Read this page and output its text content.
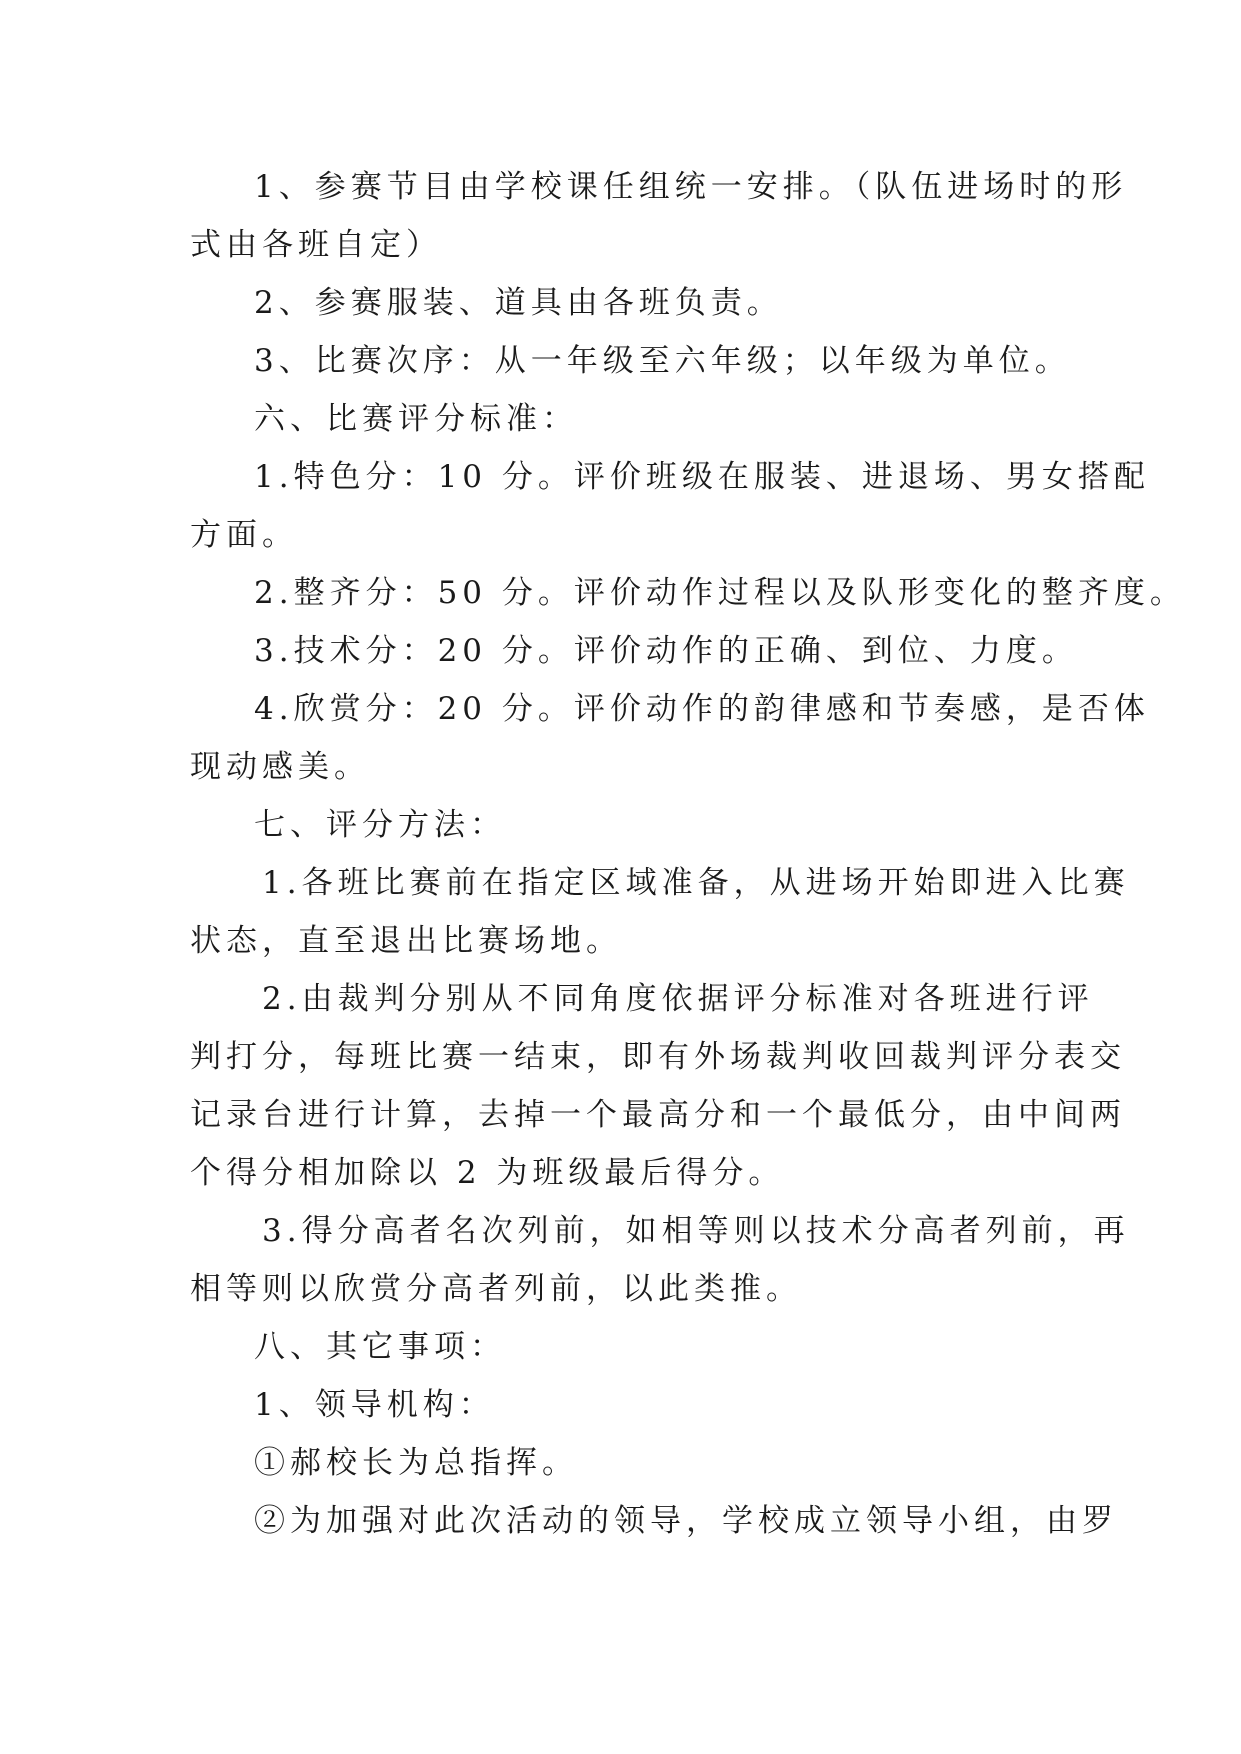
1、参赛节目由学校课任组统一安排。（队伍进场时的形
式由各班自定）
2、参赛服装、道具由各班负责。
3、比赛次序：从一年级至六年级；以年级为单位。
六、比赛评分标准：
1.特色分：10 分。评价班级在服装、进退场、男女搭配
方面。
2.整齐分：50 分。评价动作过程以及队形变化的整齐度。
3.技术分：20 分。评价动作的正确、到位、力度。
4.欣赏分：20 分。评价动作的韵律感和节奏感，是否体
现动感美。
七、评分方法：
1.各班比赛前在指定区域准备，从进场开始即进入比赛
状态，直至退出比赛场地。
2.由裁判分别从不同角度依据评分标准对各班进行评
判打分，每班比赛一结束，即有外场裁判收回裁判评分表交
记录台进行计算，去掉一个最高分和一个最低分，由中间两
个得分相加除以 2 为班级最后得分。
3.得分高者名次列前，如相等则以技术分高者列前，再
相等则以欣赏分高者列前，以此类推。
八、其它事项：
1、领导机构：
①郝校长为总指挥。
②为加强对此次活动的领导，学校成立领导小组，由罗
